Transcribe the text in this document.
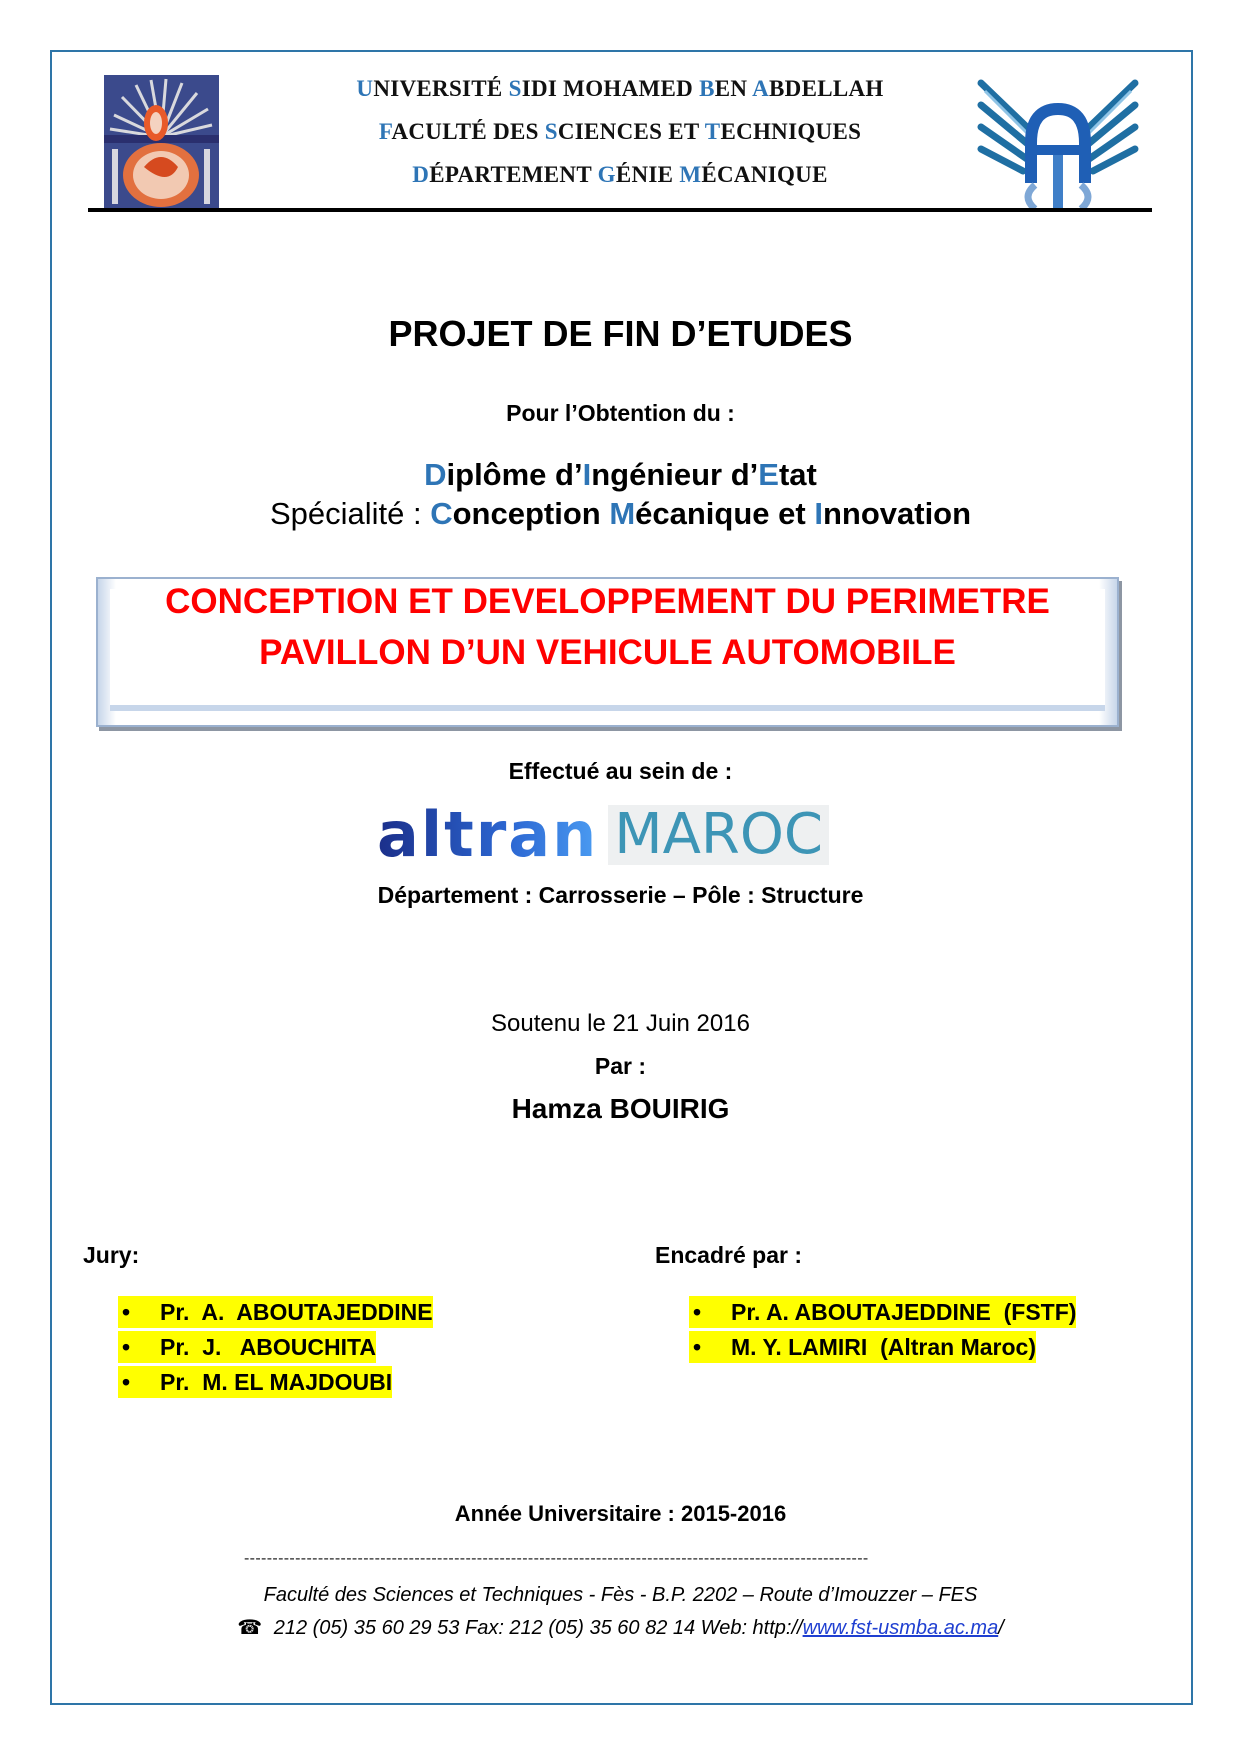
UNIVERSITÉ SIDI MOHAMED BEN ABDELLAH
FACULTÉ DES SCIENCES ET TECHNIQUES
DÉPARTEMENT GÉNIE MÉCANIQUE
PROJET DE FIN D’ETUDES
Pour l’Obtention du :
Diplôme d’Ingénieur d’Etat
Spécialité : Conception Mécanique et Innovation
CONCEPTION ET DEVELOPPEMENT DU PERIMETRE
PAVILLON D’UN VEHICULE AUTOMOBILE
Effectué au sein de :
altran MAROC
Département : Carrosserie – Pôle : Structure
Soutenu le 21 Juin 2016
Par :
Hamza BOUIRIG
Jury:
• Pr.  A.  ABOUTAJEDDINE
• Pr.  J.   ABOUCHITA
• Pr.  M. EL MAJDOUBI
Encadré par :
• Pr. A. ABOUTAJEDDINE  (FSTF)
• M. Y. LAMIRI  (Altran Maroc)
Année Universitaire : 2015-2016
--------------------------------------------------------------------------------------------------------------
Faculté des Sciences et Techniques - Fès - B.P. 2202 – Route d’Imouzzer – FES
☎ 212 (05) 35 60 29 53 Fax: 212 (05) 35 60 82 14 Web: http://www.fst-usmba.ac.ma/
